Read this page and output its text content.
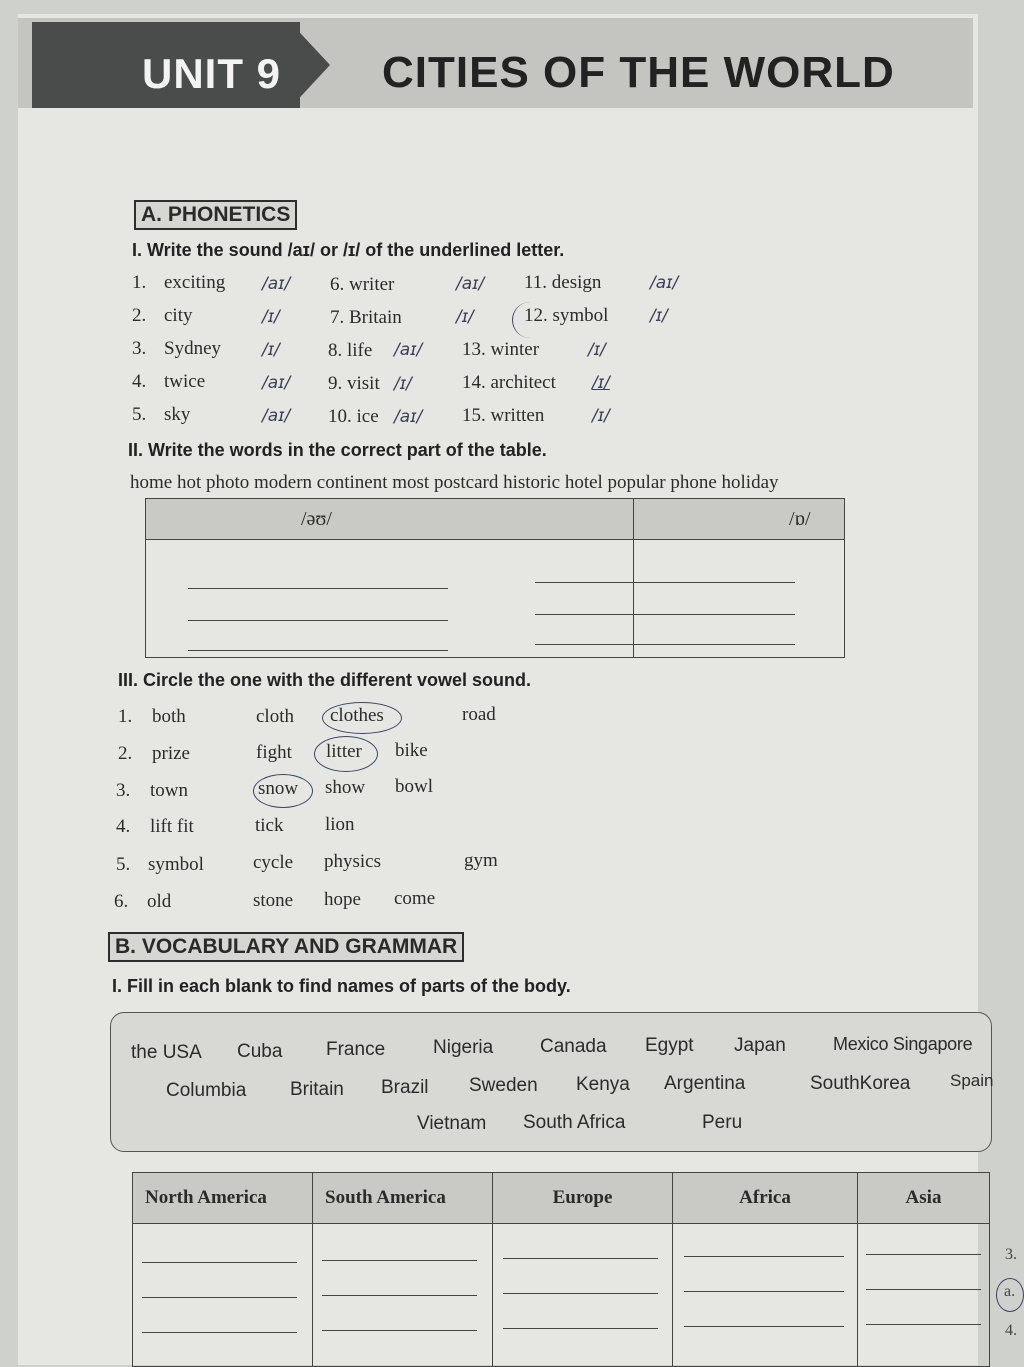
UNIT 9 CITIES OF THE WORLD
A. PHONETICS
I. Write the sound /aɪ/ or /ɪ/ of the underlined letter.
1. exciting /aɪ/
2. city	/ɪ/
3. Sydney /ɪ/
4. twice	/aɪ/
5. sky	/aɪ/
6. writer	/aɪ/
7. Britain	/ɪ/
8. life /aɪ/
9. visit /ɪ/
10. ice /aɪ/
11. design	/aɪ/
12. symbol /ɪ/
13. winter	/ɪ/
14. architect /ɪ/
15. written	/ɪ/
II. Write the words in the correct part of the table.
home hot photo modern continent most postcard historic hotel popular phone holiday
/əʊ/	/ɒ/

III. Circle the one with the different vowel sound.
1. both	cloth clothes	road
2. prize	fight litter bike
3. town	snow show bowl
4. lift fit	tick lion
5. symbol	cycle physics	gym
6. old	stone hope come
B. VOCABULARY AND GRAMMAR
I. Fill in each blank to find names of parts of the body.
the USA Cuba France	Nigeria Canada Egypt Japan	Mexico Singapore
Columbia Britain Brazil Sweden Kenya Argentina	SouthKorea Spain
Vietnam South Africa	Peru
North America	South America	Europe	Africa	Asia

3.
a.
4.
